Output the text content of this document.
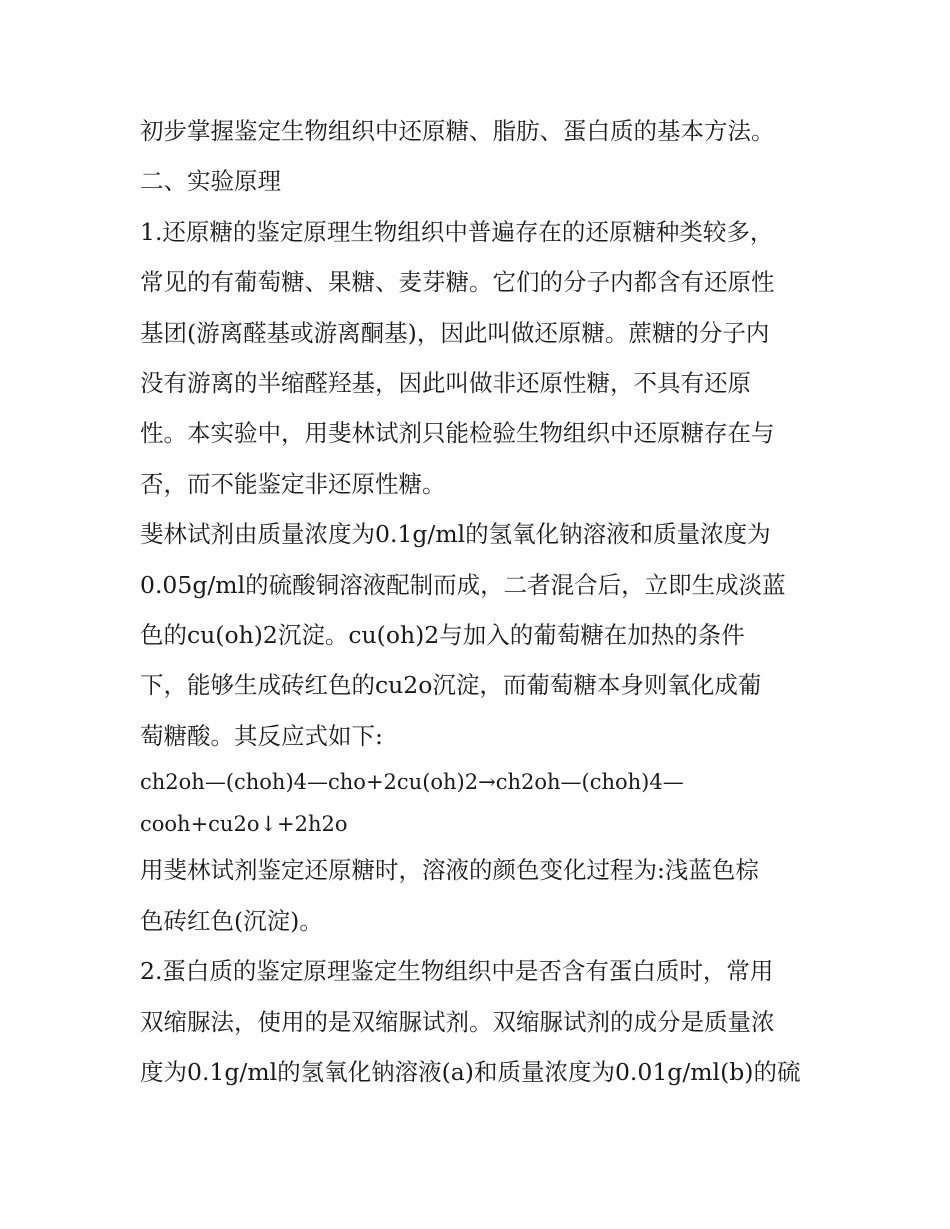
初步掌握鉴定生物组织中还原糖、脂肪、蛋白质的基本方法。

二、实验原理

1.还原糖的鉴定原理生物组织中普遍存在的还原糖种类较多，

常见的有葡萄糖、果糖、麦芽糖。它们的分子内都含有还原性

基团(游离醛基或游离酮基)，因此叫做还原糖。蔗糖的分子内

没有游离的半缩醛羟基，因此叫做非还原性糖，不具有还原

性。本实验中，用斐林试剂只能检验生物组织中还原糖存在与

否，而不能鉴定非还原性糖。

斐林试剂由质量浓度为0.1g/ml的氢氧化钠溶液和质量浓度为

0.05g/ml的硫酸铜溶液配制而成，二者混合后，立即生成淡蓝

色的cu(oh)2沉淀。cu(oh)2与加入的葡萄糖在加热的条件

下，能够生成砖红色的cu2o沉淀，而葡萄糖本身则氧化成葡

萄糖酸。其反应式如下:

ch2oh—(choh)4—cho+2cu(oh)2→ch2oh—(choh)4—

cooh+cu2o↓+2h2o

用斐林试剂鉴定还原糖时，溶液的颜色变化过程为:浅蓝色棕

色砖红色(沉淀)。

2.蛋白质的鉴定原理鉴定生物组织中是否含有蛋白质时，常用

双缩脲法，使用的是双缩脲试剂。双缩脲试剂的成分是质量浓

度为0.1g/ml的氢氧化钠溶液(a)和质量浓度为0.01g/ml(b)的硫
